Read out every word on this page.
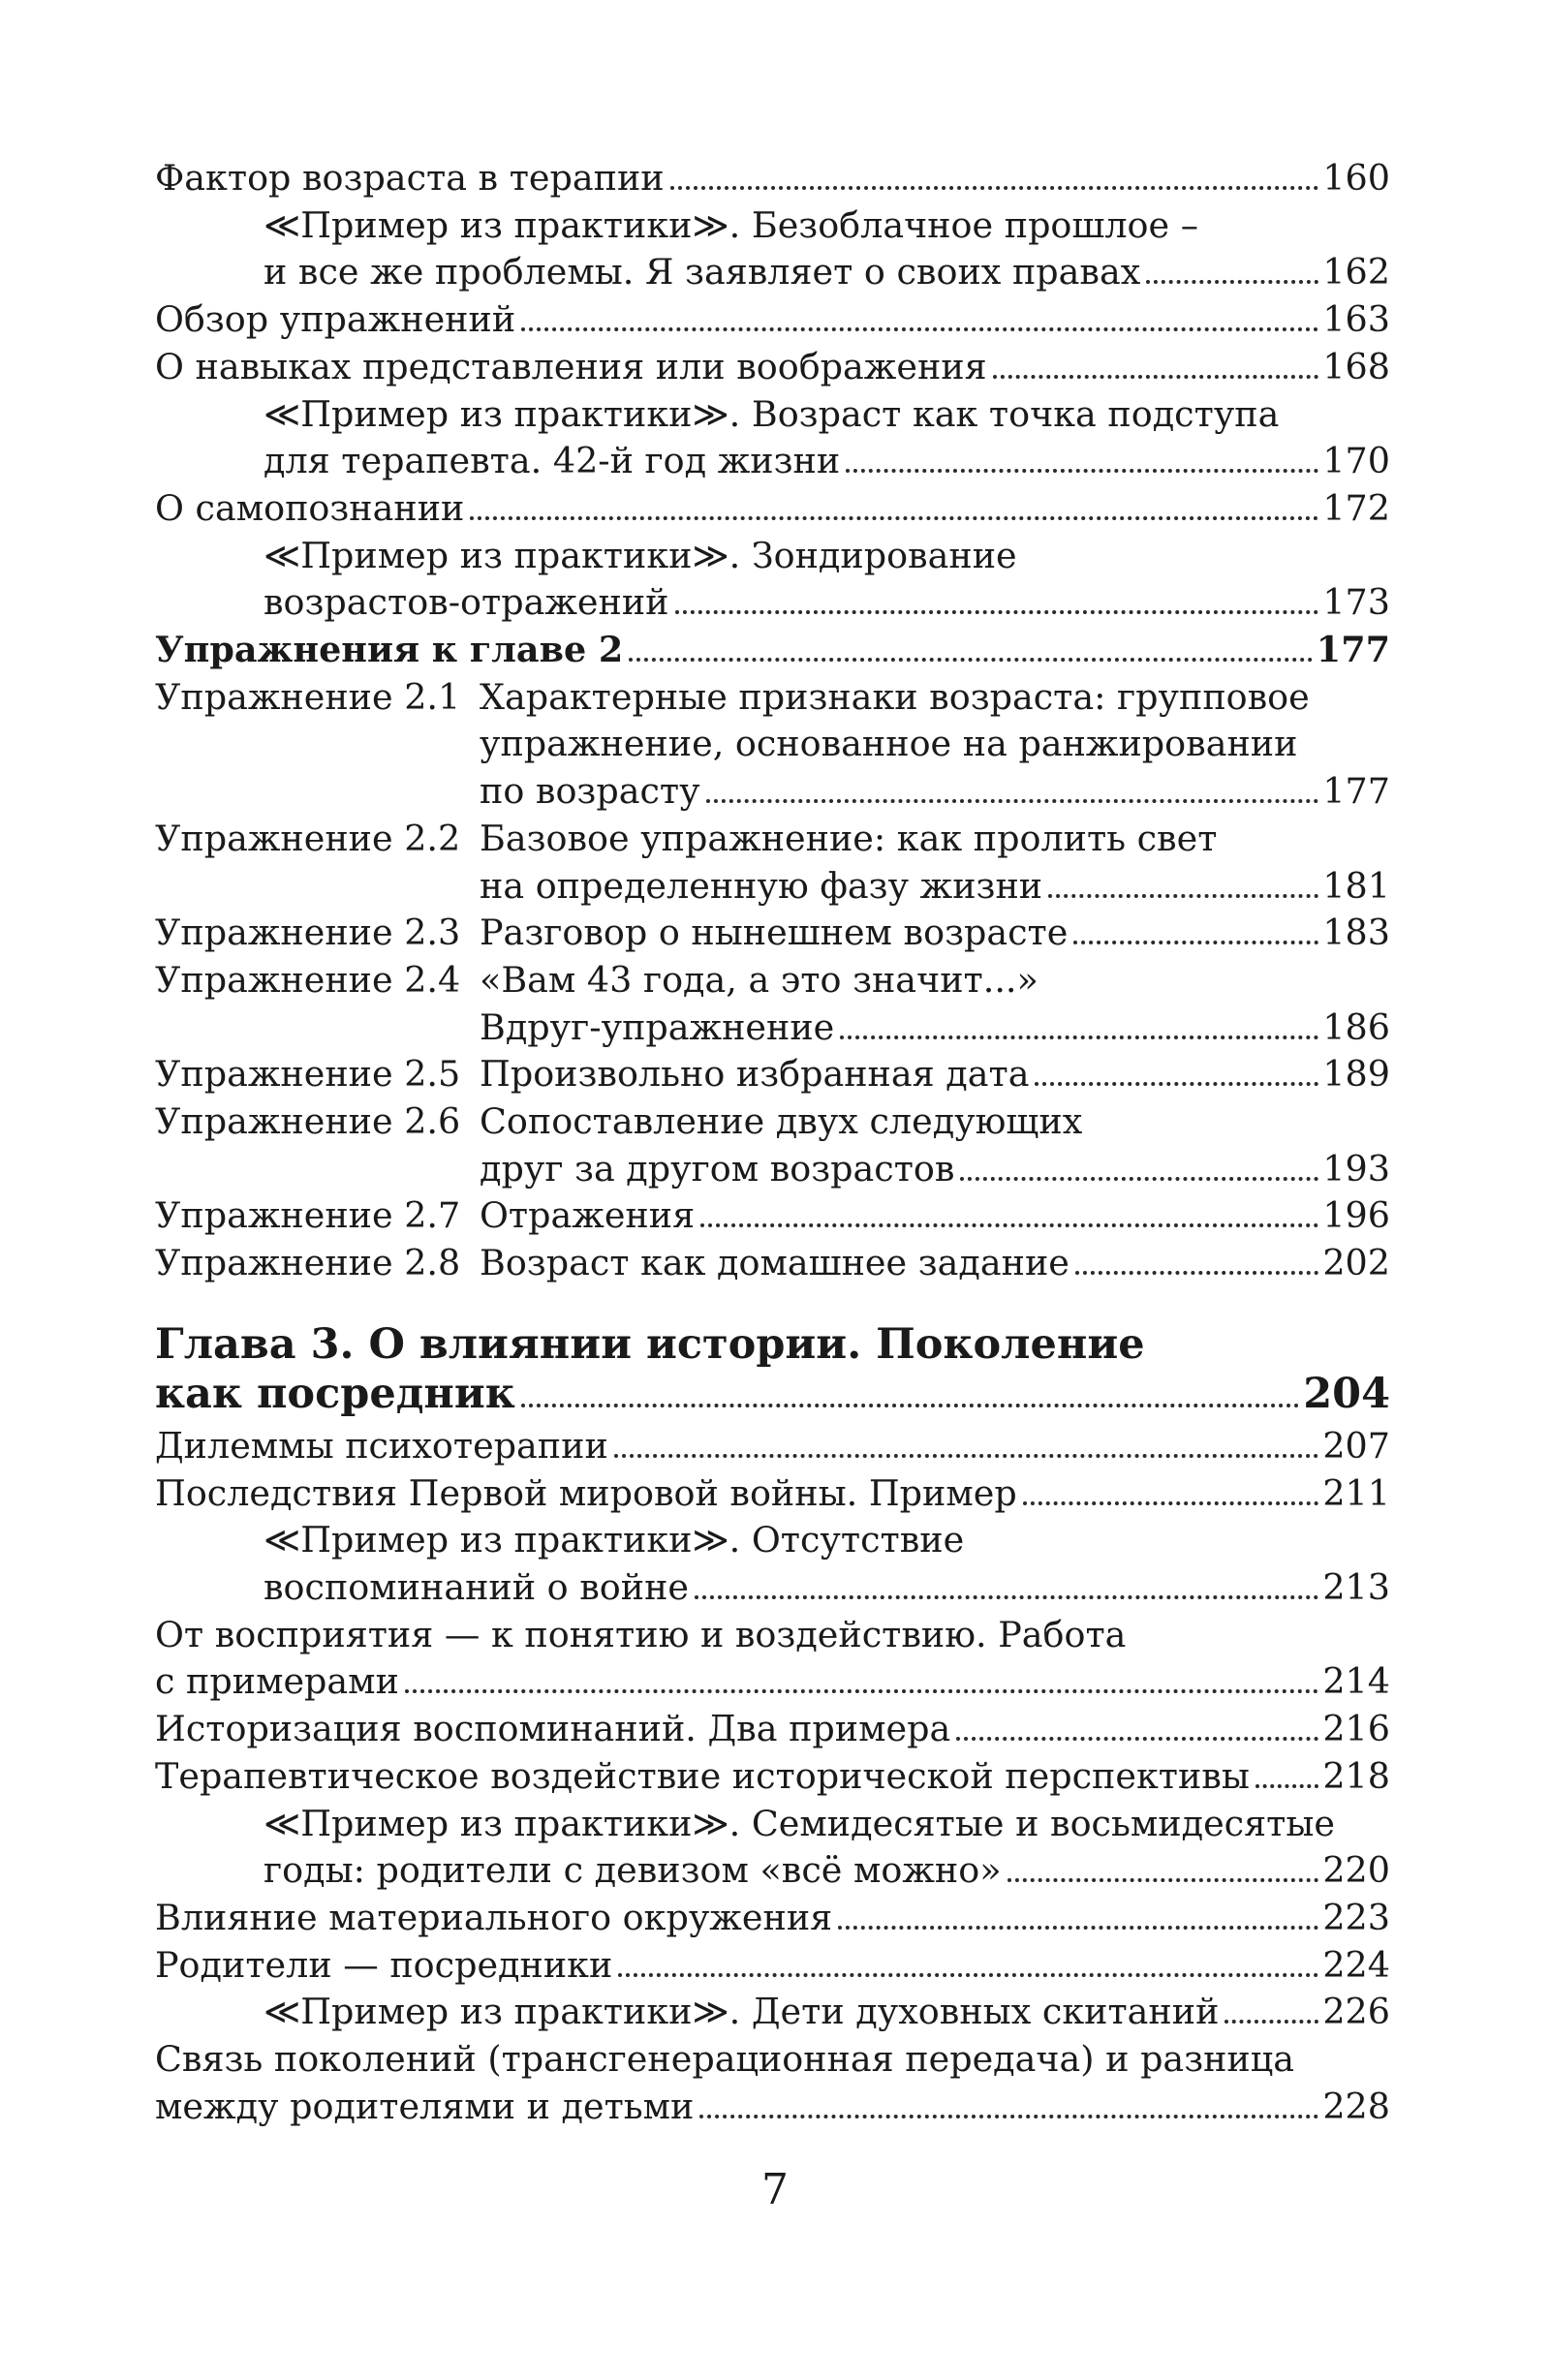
Фактор возраста в терапии	160
≪Пример из практики≫. Безоблачное прошлое –
и все же проблемы. Я заявляет о своих правах	162
Обзор упражнений	163
О навыках представления или воображения	168
≪Пример из практики≫. Возраст как точка подступа
для терапевта. 42-й год жизни	170
О самопознании	172
≪Пример из практики≫. Зондирование
возрастов-отражений	173
Упражнения к главе 2	177
Упражнение 2.1 Характерные признаки возраста: групповое
упражнение, основанное на ранжировании
по возрасту	177
Упражнение 2.2 Базовое упражнение: как пролить свет
на определенную фазу жизни	181
Упражнение 2.3 Разговор о нынешнем возрасте	183
Упражнение 2.4 «Вам 43 года, а это значит...»
Вдруг-упражнение	186
Упражнение 2.5 Произвольно избранная дата	189
Упражнение 2.6 Сопоставление двух следующих
друг за другом возрастов	193
Упражнение 2.7 Отражения	196
Упражнение 2.8 Возраст как домашнее задание	202
Глава 3. О влиянии истории. Поколение
как посредник	204
Дилеммы психотерапии	207
Последствия Первой мировой войны. Пример	211
≪Пример из практики≫. Отсутствие
воспоминаний о войне	213
От восприятия — к понятию и воздействию. Работа
с примерами	214
Историзация воспоминаний. Два примера	216
Терапевтическое воздействие исторической перспективы 218
≪Пример из практики≫. Семидесятые и восьмидесятые
годы: родители с девизом «всё можно»	220
Влияние материального окружения	223
Родители — посредники	224
≪Пример из практики≫. Дети духовных скитаний	226
Связь поколений (трансгенерационная передача) и разница
между родителями и детьми	228
7
